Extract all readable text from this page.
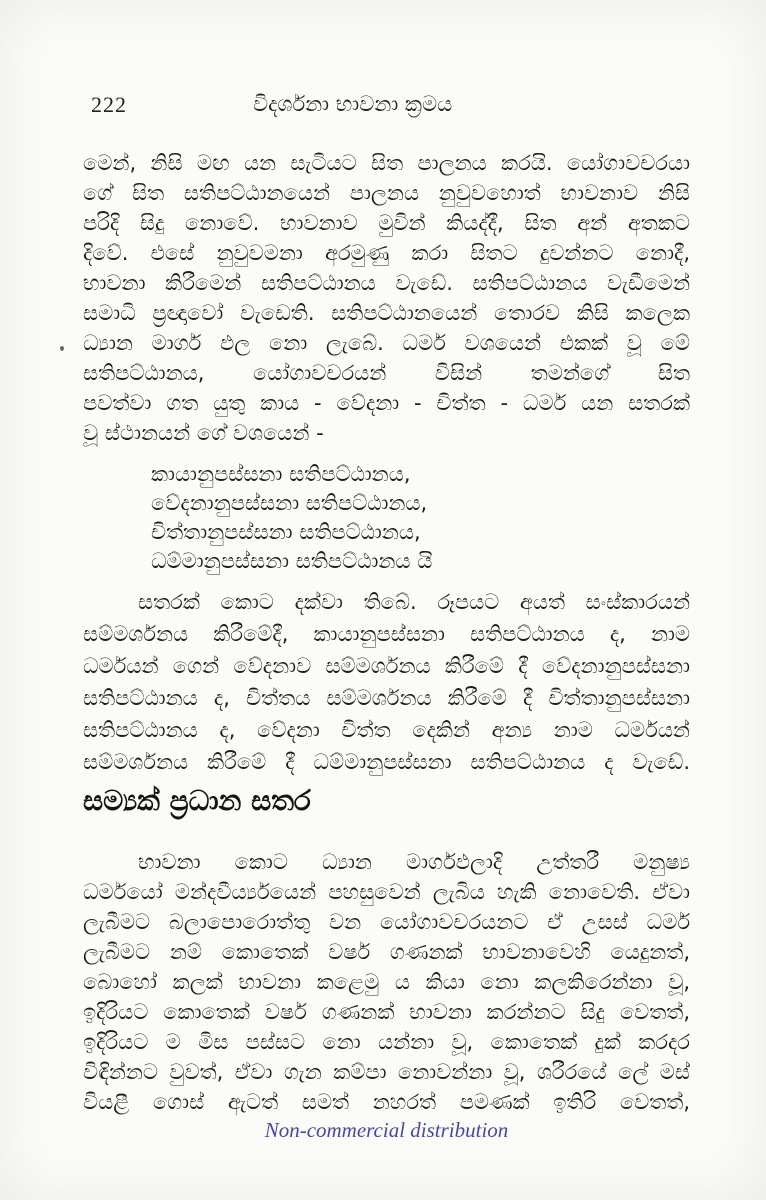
222	විදර්ශනා භාවනා ක්‍රමය
මෙන්, නිසි මඟ යන සැටියට සිත පාලනය කරයි. යෝගාවචරයා
ගේ සිත සතිපට්ඨානයෙන් පාලනය නුවුවහොත් භාවනාව නිසි
පරිදි සිදු නොවේ. භාවනාව මුවින් කියද්දී, සිත අන් අතකට
දිවේ. එසේ නුවුවමනා අරමුණු කරා සිතට දුවන්නට නොදී,
භාවනා කිරීමෙන් සතිපට්ඨානය වැඩේ. සතිපට්ඨානය වැඩීමෙන්
සමාධි ප්‍රඥාවෝ වැඩෙති. සතිපට්ඨානයෙන් තොරව කිසි කලෙක
ධ්‍යාන මාර්ග ඵල නො ලැබේ. ධර්ම වශයෙන් එකක් වූ මේ
සතිපට්ඨානය, යෝගාවචරයන් විසින් තමන්ගේ සිත
පවත්වා ගත යුතු කාය - වේදනා - චිත්ත - ධර්ම යන සතරක්
වූ ස්ථානයන් ගේ වශයෙන් -
කායානුපස්සනා සතිපට්ඨානය,
වේදනානුපස්සනා සතිපට්ඨානය,
චිත්තානුපස්සනා සතිපට්ඨානය,
ධම්මානුපස්සනා සතිපට්ඨානය යි
සතරක් කොට දක්වා තිබේ. රූපයට අයත් සංස්කාරයන්
සම්මර්ශනය කිරීමේදී, කායානුපස්සනා සතිපට්ඨානය ද, නාම
ධර්මයන් ගෙන් වේදනාව සම්මර්ශනය කිරීමේ දී වේදනානුපස්සනා
සතිපට්ඨානය ද, චිත්තය සම්මර්ශනය කිරීමේ දී චිත්තානුපස්සනා
සතිපට්ඨානය ද, වේදනා චිත්ත දෙකින් අන්‍ය නාම ධර්මයන්
සම්මර්ශනය කිරීමේ දී ධම්මානුපස්සනා සතිපට්ඨානය ද වැඩේ.
සම්‍යක් ප්‍රධාන සතර
භාවනා කොට ධ්‍යාන මාර්ගඵලාදි උත්තරී මනුෂ්‍ය
ධර්මයෝ මන්දවීර්ය්‍යයෙන් පහසුවෙන් ලැබිය හැකි නොවෙති. ඒවා
ලැබීමට බලාපොරොත්තු වන යෝගාවචරයනට ඒ උසස් ධර්ම
ලැබීමට නම් කොතෙක් වර්ෂ ගණනක් භාවනාවෙහි යෙදුනත්,
බොහෝ කලක් භාවනා කළෙමු ය කියා නො කලකිරෙන්නා වූ,
ඉදිරියට කොතෙක් වර්ෂ ගණනක් භාවනා කරන්නට සිදු වෙතත්,
ඉදිරියට ම මිස පස්සට නො යන්නා වූ, කොතෙක් දුක් කරදර
විඳින්නට වුවත්, ඒවා ගැන කම්පා නොවන්නා වූ, ශරීරයේ ලේ මස්
වියළී ගොස් ඇටත් සමත් නහරත් පමණක් ඉතිරි වෙතත්,
Non-commercial distribution
